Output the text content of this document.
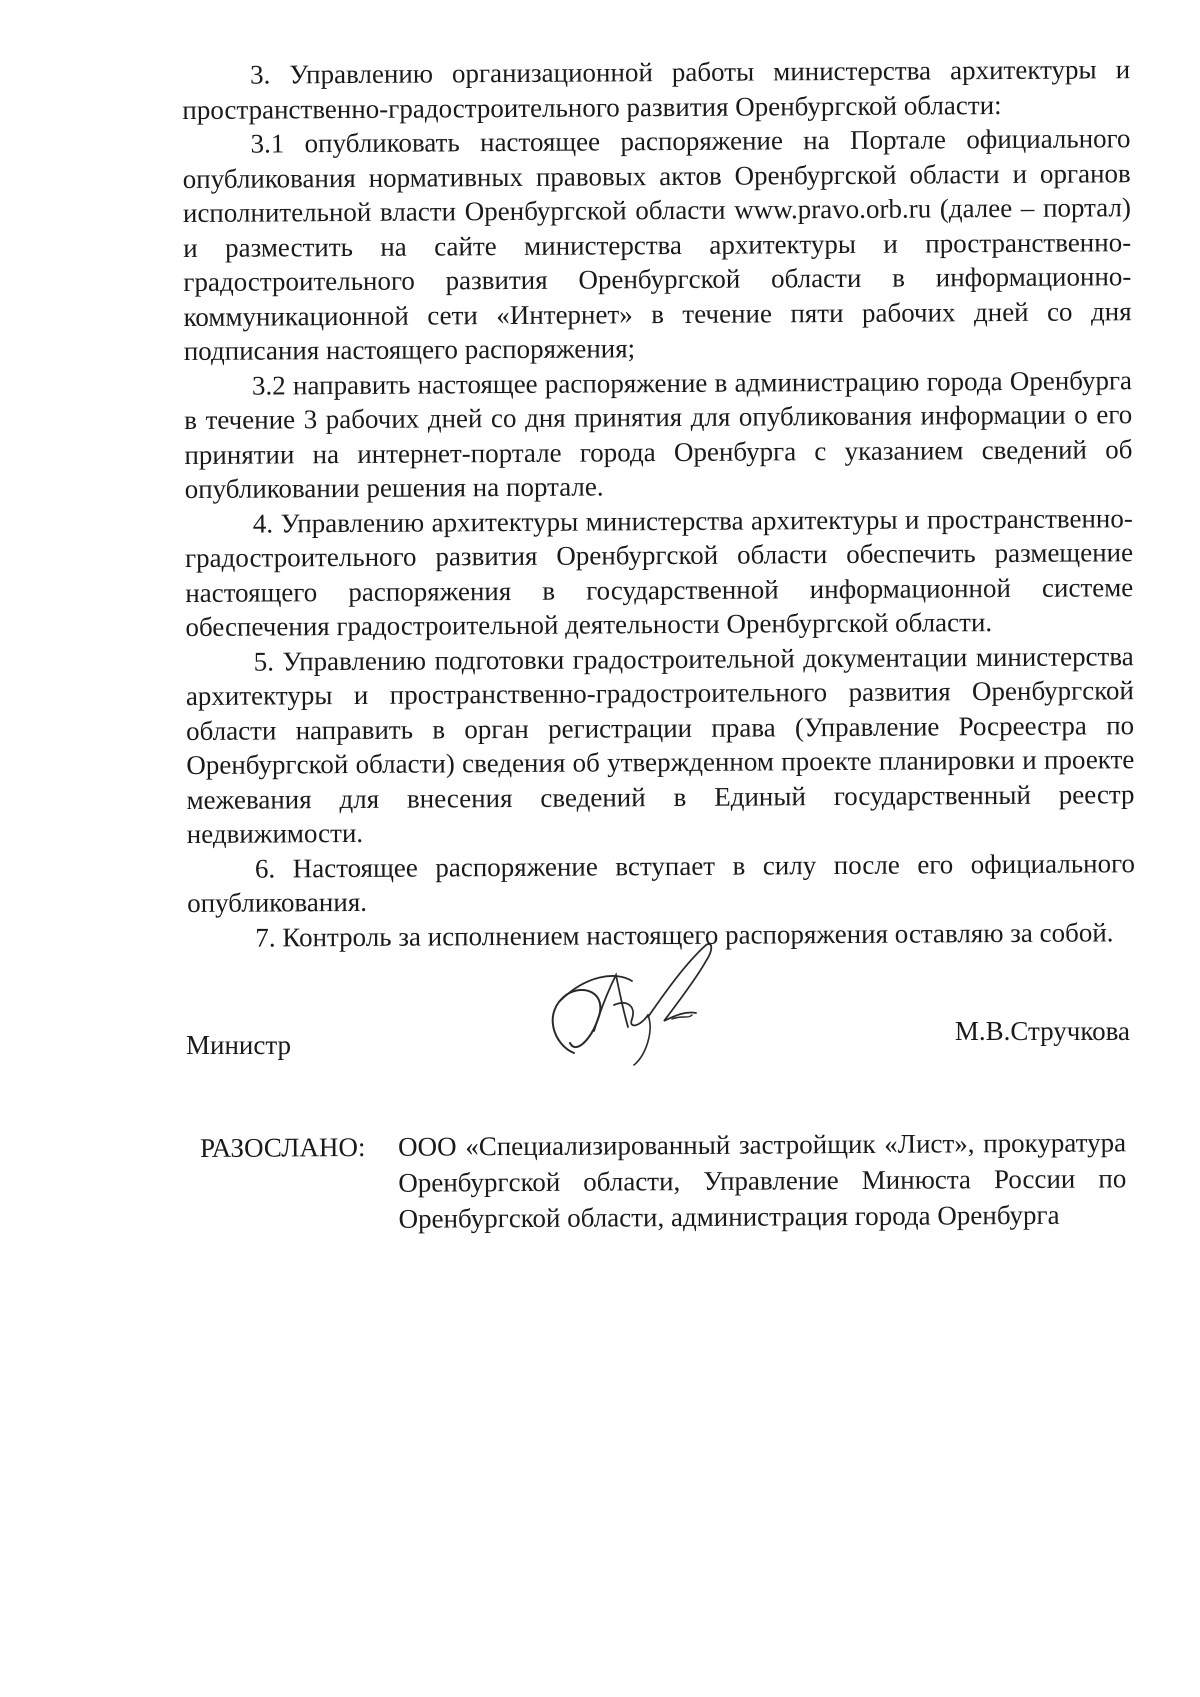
3. Управлению организационной работы министерства архитектуры и пространственно-градостроительного развития Оренбургской области:

3.1 опубликовать настоящее распоряжение на Портале официального опубликования нормативных правовых актов Оренбургской области и органов исполнительной власти Оренбургской области www.pravo.orb.ru (далее – портал) и разместить на сайте министерства архитектуры и пространственно-градостроительного развития Оренбургской области в информационно-коммуникационной сети «Интернет» в течение пяти рабочих дней со дня подписания настоящего распоряжения;

3.2 направить настоящее распоряжение в администрацию города Оренбурга в течение 3 рабочих дней со дня принятия для опубликования информации о его принятии на интернет-портале города Оренбурга с указанием сведений об опубликовании решения на портале.

4. Управлению архитектуры министерства архитектуры и пространственно-градостроительного развития Оренбургской области обеспечить размещение настоящего распоряжения в государственной информационной системе обеспечения градостроительной деятельности Оренбургской области.

5. Управлению подготовки градостроительной документации министерства архитектуры и пространственно-градостроительного развития Оренбургской области направить в орган регистрации права (Управление Росреестра по Оренбургской области) сведения об утвержденном проекте планировки и проекте межевания для внесения сведений в Единый государственный реестр недвижимости.

6. Настоящее распоряжение вступает в силу после его официального опубликования.

7. Контроль за исполнением настоящего распоряжения оставляю за собой.

Министр	М.В.Стручкова
РАЗОСЛАНО:	ООО «Специализированный застройщик «Лист», прокуратура Оренбургской области, Управление Минюста России по Оренбургской области, администрация города Оренбурга
